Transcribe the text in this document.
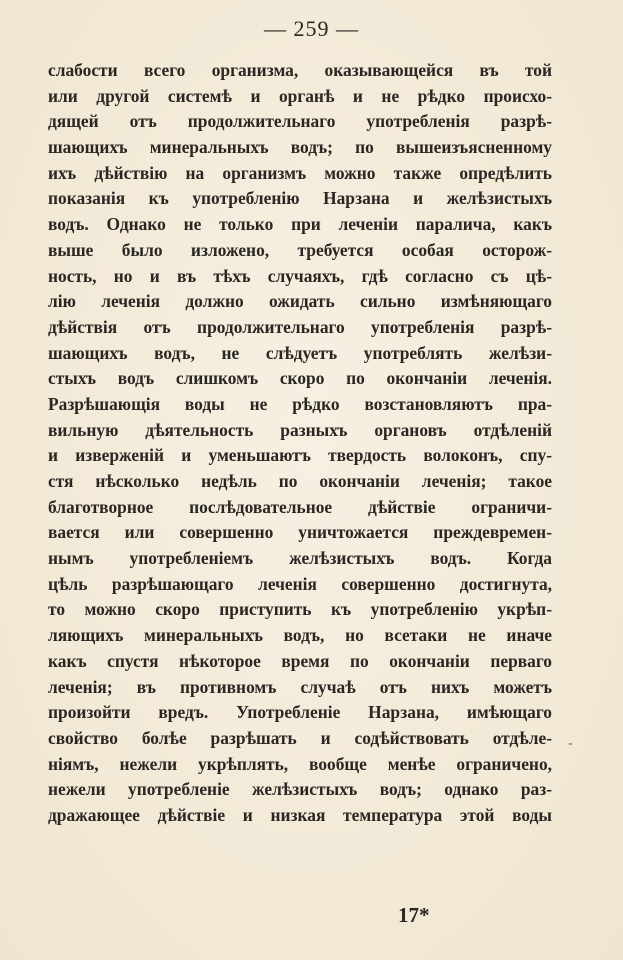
— 259 —
слабости всего организма, оказывающейся въ той
или другой системѣ и органѣ и не рѣдко происхо-
дящей отъ продолжительнаго употребленія разрѣ-
шающихъ минеральныхъ водъ; по вышеизъясненному
ихъ дѣйствію на организмъ можно также опредѣлить
показанія къ употребленію Нарзана и желѣзистыхъ
водъ. Однако не только при леченіи паралича, какъ
выше было изложено, требуется особая осторож-
ность, но и въ тѣхъ случаяхъ, гдѣ согласно съ цѣ-
лію леченія должно ожидать сильно измѣняющаго
дѣйствія отъ продолжительнаго употребленія разрѣ-
шающихъ водъ, не слѣдуетъ употреблять желѣзи-
стыхъ водъ слишкомъ скоро по окончаніи леченія.
Разрѣшающія воды не рѣдко возстановляютъ пра-
вильную дѣятельность разныхъ органовъ отдѣленій
и изверженій и уменьшаютъ твердость волоконъ, спу-
стя нѣсколько недѣль по окончаніи леченія; такое
благотворное послѣдовательное дѣйствіе ограничи-
вается или совершенно уничтожается преждевремен-
нымъ употребленіемъ желѣзистыхъ водъ. Когда
цѣль разрѣшающаго леченія совершенно достигнута,
то можно скоро приступить къ употребленію укрѣп-
ляющихъ минеральныхъ водъ, но всетаки не иначе
какъ спустя нѣкоторое время по окончаніи перваго
леченія; въ противномъ случаѣ отъ нихъ можетъ
произойти вредъ. Употребленіе Нарзана, имѣющаго
свойство болѣе разрѣшать и содѣйствовать отдѣле-
ніямъ, нежели укрѣплять, вообще менѣе ограничено,
нежели употребленіе желѣзистыхъ водъ; однако раз-
дражающее дѣйствіе и низкая температура этой воды
-
17*
